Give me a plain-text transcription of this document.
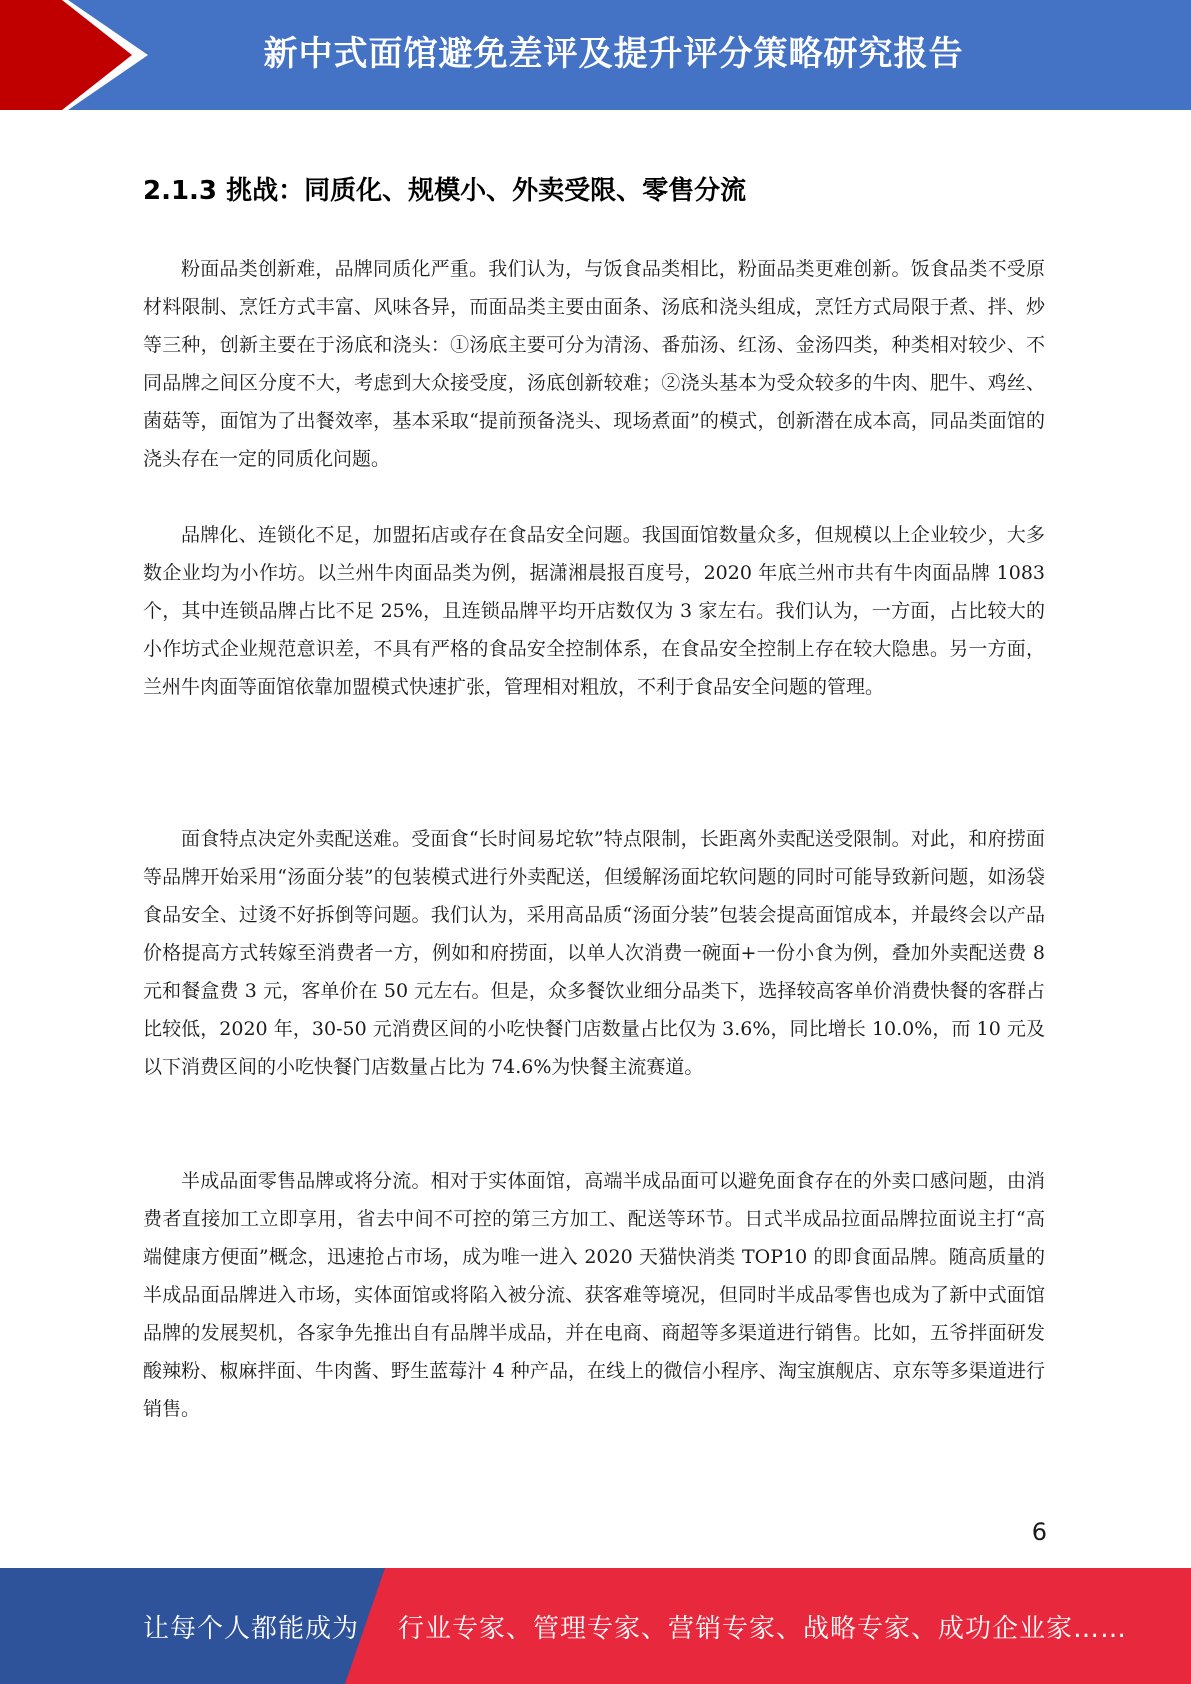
新中式面馆避免差评及提升评分策略研究报告
2.1.3 挑战：同质化、规模小、外卖受限、零售分流

粉面品类创新难，品牌同质化严重。我们认为，与饭食品类相比，粉面品类更难创新。饭食品类不受原材料限制、烹饪方式丰富、风味各异，而面品类主要由面条、汤底和浇头组成，烹饪方式局限于煮、拌、炒等三种，创新主要在于汤底和浇头：①汤底主要可分为清汤、番茄汤、红汤、金汤四类，种类相对较少、不同品牌之间区分度不大，考虑到大众接受度，汤底创新较难；②浇头基本为受众较多的牛肉、肥牛、鸡丝、菌菇等，面馆为了出餐效率，基本采取“提前预备浇头、现场煮面”的模式，创新潜在成本高，同品类面馆的浇头存在一定的同质化问题。

品牌化、连锁化不足，加盟拓店或存在食品安全问题。我国面馆数量众多，但规模以上企业较少，大多数企业均为小作坊。以兰州牛肉面品类为例，据潇湘晨报百度号，2020 年底兰州市共有牛肉面品牌 1083 个，其中连锁品牌占比不足 25%，且连锁品牌平均开店数仅为 3 家左右。我们认为，一方面，占比较大的小作坊式企业规范意识差，不具有严格的食品安全控制体系，在食品安全控制上存在较大隐患。另一方面，兰州牛肉面等面馆依靠加盟模式快速扩张，管理相对粗放，不利于食品安全问题的管理。

面食特点决定外卖配送难。受面食“长时间易坨软”特点限制，长距离外卖配送受限制。对此，和府捞面等品牌开始采用“汤面分装”的包装模式进行外卖配送，但缓解汤面坨软问题的同时可能导致新问题，如汤袋食品安全、过烫不好拆倒等问题。我们认为，采用高品质“汤面分装”包装会提高面馆成本，并最终会以产品价格提高方式转嫁至消费者一方，例如和府捞面，以单人次消费一碗面+一份小食为例，叠加外卖配送费 8 元和餐盒费 3 元，客单价在 50 元左右。但是，众多餐饮业细分品类下，选择较高客单价消费快餐的客群占比较低，2020 年，30-50 元消费区间的小吃快餐门店数量占比仅为 3.6%，同比增长 10.0%，而 10 元及以下消费区间的小吃快餐门店数量占比为 74.6%为快餐主流赛道。

半成品面零售品牌或将分流。相对于实体面馆，高端半成品面可以避免面食存在的外卖口感问题，由消费者直接加工立即享用，省去中间不可控的第三方加工、配送等环节。日式半成品拉面品牌拉面说主打“高端健康方便面”概念，迅速抢占市场，成为唯一进入 2020 天猫快消类 TOP10 的即食面品牌。随高质量的半成品面品牌进入市场，实体面馆或将陷入被分流、获客难等境况，但同时半成品零售也成为了新中式面馆品牌的发展契机，各家争先推出自有品牌半成品，并在电商、商超等多渠道进行销售。比如，五爷拌面研发酸辣粉、椒麻拌面、牛肉酱、野生蓝莓汁 4 种产品，在线上的微信小程序、淘宝旗舰店、京东等多渠道进行销售。

6
让每个人都能成为 行业专家、管理专家、营销专家、战略专家、成功企业家……
